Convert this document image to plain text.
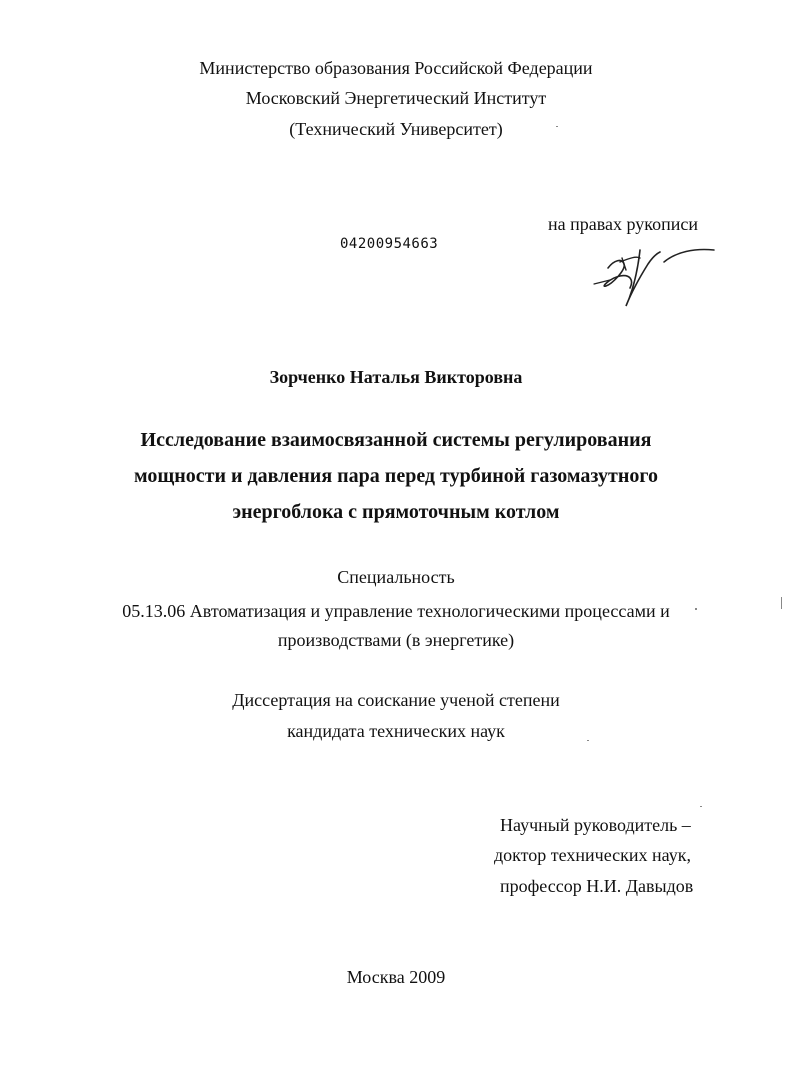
Министерство образования Российской Федерации
Московский Энергетический Институт
(Технический Университет)
на правах рукописи
04200954663
Зорченко Наталья Викторовна
Исследование взаимосвязанной системы регулирования
мощности и давления пара перед турбиной газомазутного
энергоблока с прямоточным котлом
Специальность
05.13.06 Автоматизация и управление технологическими процессами и
производствами (в энергетике)
Диссертация на соискание ученой степени
кандидата технических наук
Научный руководитель –
доктор технических наук,
профессор Н.И. Давыдов
Москва 2009
